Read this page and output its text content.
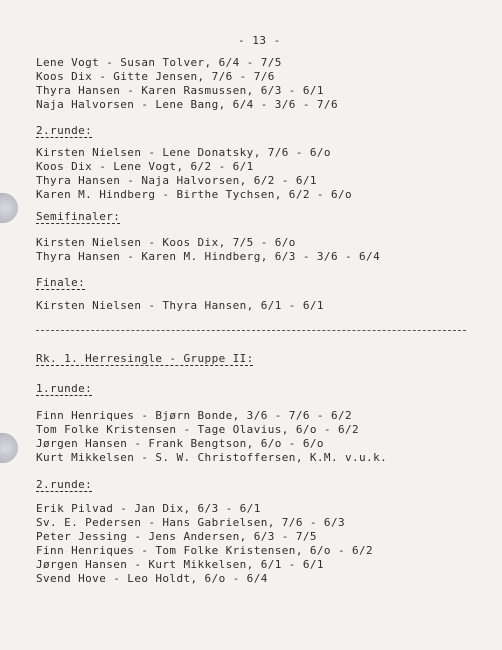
- 13 -
Lene Vogt - Susan Tolver, 6/4 - 7/5
Koos Dix - Gitte Jensen, 7/6 - 7/6
Thyra Hansen - Karen Rasmussen, 6/3 - 6/1
Naja Halvorsen - Lene Bang, 6/4 - 3/6 - 7/6
2.runde:
Kirsten Nielsen - Lene Donatsky, 7/6 - 6/o
Koos Dix - Lene Vogt, 6/2 - 6/1
Thyra Hansen - Naja Halvorsen, 6/2 - 6/1
Karen M. Hindberg - Birthe Tychsen, 6/2 - 6/o
Semifinaler:
Kirsten Nielsen - Koos Dix, 7/5 - 6/o
Thyra Hansen - Karen M. Hindberg, 6/3 - 3/6 - 6/4
Finale:
Kirsten Nielsen - Thyra Hansen, 6/1 - 6/1
Rk. 1. Herresingle - Gruppe II:
1.runde:
Finn Henriques - Bjørn Bonde, 3/6 - 7/6 - 6/2
Tom Folke Kristensen - Tage Olavius, 6/o - 6/2
Jørgen Hansen - Frank Bengtson, 6/o - 6/o
Kurt Mikkelsen - S. W. Christoffersen, K.M. v.u.k.
2.runde:
Erik Pilvad - Jan Dix, 6/3 - 6/1
Sv. E. Pedersen - Hans Gabrielsen, 7/6 - 6/3
Peter Jessing - Jens Andersen, 6/3 - 7/5
Finn Henriques - Tom Folke Kristensen, 6/o - 6/2
Jørgen Hansen - Kurt Mikkelsen, 6/1 - 6/1
Svend Hove - Leo Holdt, 6/o - 6/4
